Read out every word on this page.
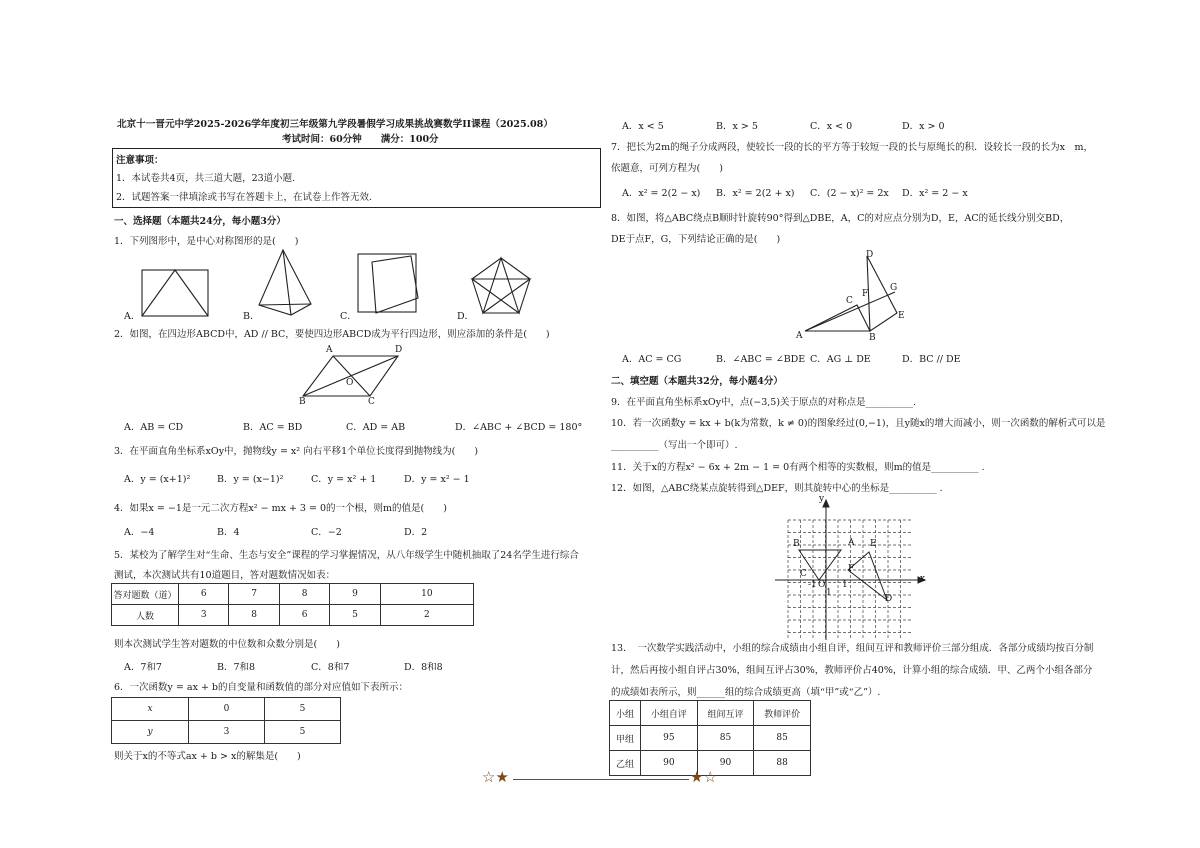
北京十一晋元中学2025-2026学年度初三年级第九学段暑假学习成果挑战赛数学II课程（2025.08）
考试时间：60分钟　　满分：100分
注意事项：
1．本试卷共4页，共三道大题，23道小题.
2．试题答案一律填涂或书写在答题卡上，在试卷上作答无效.
一、选择题（本题共24分，每小题3分）
1．下列图形中，是中心对称图形的是(　　)
A．	B．	C．	D．
2．如图，在四边形ABCD中，AD // BC，要使四边形ABCD成为平行四边形，则应添加的条件是(　　)
A	D
O
B	C
A．AB = CD	B．AC = BD	C．AD = AB	D．∠ABC + ∠BCD = 180°
3．在平面直角坐标系xOy中，抛物线y = x² 向右平移1个单位长度得到抛物线为(　　)
A．y = (x+1)²	B．y = (x−1)²	C．y = x² + 1	D．y = x² − 1
4．如果x = −1是一元二次方程x² − mx + 3 = 0的一个根，则m的值是(　　)
A．−4	B．4	C．−2	D．2
5．某校为了解学生对“生命、生态与安全”课程的学习掌握情况，从八年级学生中随机抽取了24名学生进行综合
测试，本次测试共有10道题目，答对题数情况如表：
答对题数（道）	6	7	8	9	10
人数	3	8	6	5	2
则本次测试学生答对题数的中位数和众数分别是(　　)
A．7和7	B．7和8	C．8和7	D．8和8
6．一次函数y = ax + b的自变量和函数值的部分对应值如下表所示：
x	0	5
y	3	5
则关于x的不等式ax + b > x的解集是(　　)
A．x < 5	B．x > 5	C．x < 0	D．x > 0
7．把长为2m的绳子分成两段，使较长一段的长的平方等于较短一段的长与原绳长的积．设较长一段的长为x　m，
依题意，可列方程为(　　)
A．x² = 2(2 − x) B．x² = 2(2 + x) C．(2 − x)² = 2x D．x² = 2 − x
8．如图，将△ABC绕点B顺时针旋转90°得到△DBE，A，C的对应点分别为D，E，AC的延长线分别交BD，
DE于点F，G，下列结论正确的是(　　)
D
G
F
C
E
A	B
A．AC = CG	B．∠ABC = ∠BDE C．AG ⊥ DE	D．BC // DE
二、填空题（本题共32分，每小题4分）
9．在平面直角坐标系xOy中，点(−3,5)关于原点的对称点是__________.
10．若一次函数y = kx + b(k为常数，k ≠ 0)的图象经过(0,−1)，且y随x的增大而减小，则一次函数的解析式可以是
__________（写出一个即可）.
11．关于x的方程x² − 6x + 2m − 1 = 0有两个相等的实数根，则m的值是__________ .
12．如图，△ABC绕某点旋转得到△DEF，则其旋转中心的坐标是__________ .
y
B	A E
F
C
O 1
-1
x
D
1
13．　一次数学实践活动中，小组的综合成绩由小组自评，组间互评和教师评价三部分组成．各部分成绩均按百分制
计，然后再按小组自评占30%，组间互评占30%，教师评价占40%，计算小组的综合成绩．甲、乙两个小组各部分
的成绩如表所示，则______组的综合成绩更高（填“甲”或“乙”）.
小组	小组自评	组间互评	教师评价
甲组	95	85	85
乙组	90	90	88
☆★	★☆
